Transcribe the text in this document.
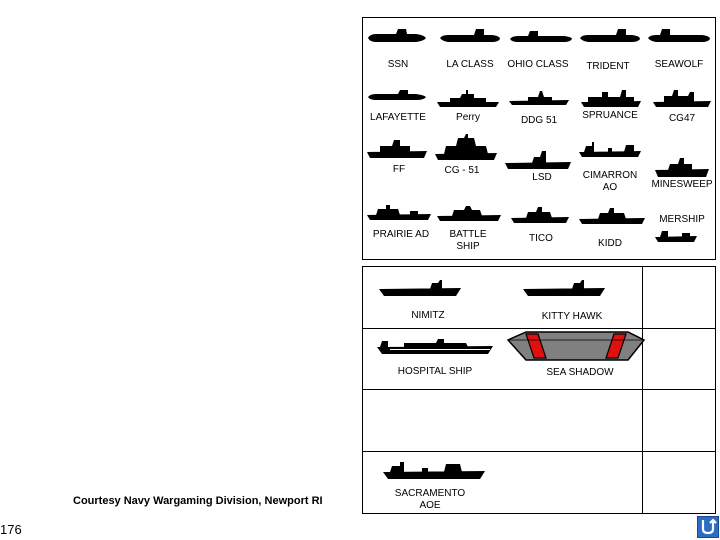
SSN	LA CLASS	OHIO CLASS	TRIDENT	SEAWOLF
LAFAYETTE	Perry	DDG 51	SPRUANCE	CG47
FF	CG - 51
LSD	CIMARRON AO	MINESWEEP
PRAIRIE AD	BATTLE SHIP
TICO	KIDD
MERSHIP
NIMITZ	KITTY HAWK
HOSPITAL SHIP	SEA SHADOW
SACRAMENTO AOE
Courtesy Navy Wargaming Division, Newport RI
176
